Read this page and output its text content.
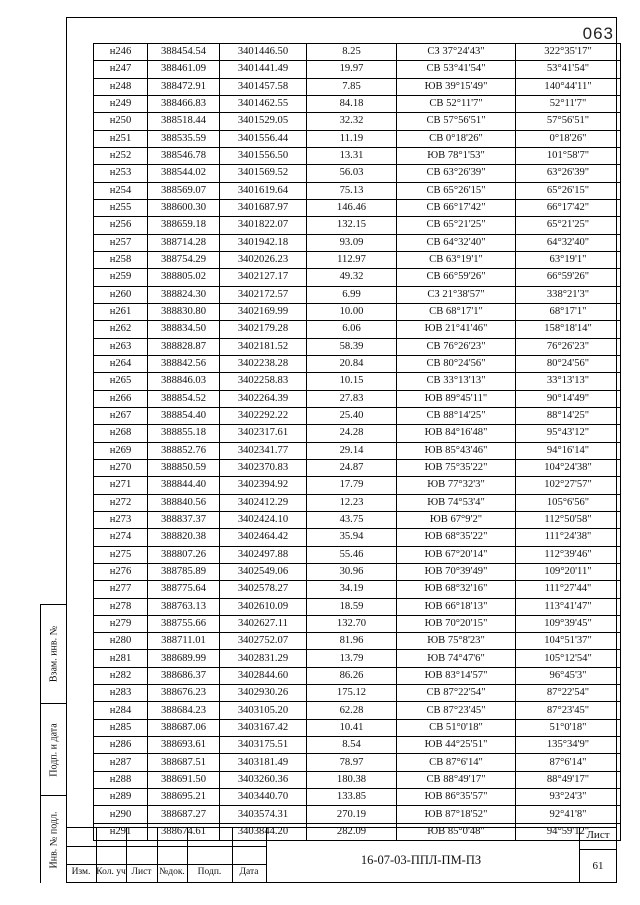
063
н246	388454.54	3401446.50	8.25	СЗ 37°24'43"	322°35'17"
н247	388461.09	3401441.49	19.97	СВ 53°41'54"	53°41'54"
н248	388472.91	3401457.58	7.85	ЮВ 39°15'49"	140°44'11"
н249	388466.83	3401462.55	84.18	СВ 52°11'7"	52°11'7"
н250	388518.44	3401529.05	32.32	СВ 57°56'51"	57°56'51"
н251	388535.59	3401556.44	11.19	СВ 0°18'26"	0°18'26"
н252	388546.78	3401556.50	13.31	ЮВ 78°1'53"	101°58'7"
н253	388544.02	3401569.52	56.03	СВ 63°26'39"	63°26'39"
н254	388569.07	3401619.64	75.13	СВ 65°26'15"	65°26'15"
н255	388600.30	3401687.97	146.46	СВ 66°17'42"	66°17'42"
н256	388659.18	3401822.07	132.15	СВ 65°21'25"	65°21'25"
н257	388714.28	3401942.18	93.09	СВ 64°32'40"	64°32'40"
н258	388754.29	3402026.23	112.97	СВ 63°19'1"	63°19'1"
н259	388805.02	3402127.17	49.32	СВ 66°59'26"	66°59'26"
н260	388824.30	3402172.57	6.99	СЗ 21°38'57"	338°21'3"
н261	388830.80	3402169.99	10.00	СВ 68°17'1"	68°17'1"
н262	388834.50	3402179.28	6.06	ЮВ 21°41'46"	158°18'14"
н263	388828.87	3402181.52	58.39	СВ 76°26'23"	76°26'23"
н264	388842.56	3402238.28	20.84	СВ 80°24'56"	80°24'56"
н265	388846.03	3402258.83	10.15	СВ 33°13'13"	33°13'13"
н266	388854.52	3402264.39	27.83	ЮВ 89°45'11"	90°14'49"
н267	388854.40	3402292.22	25.40	СВ 88°14'25"	88°14'25"
н268	388855.18	3402317.61	24.28	ЮВ 84°16'48"	95°43'12"
н269	388852.76	3402341.77	29.14	ЮВ 85°43'46"	94°16'14"
н270	388850.59	3402370.83	24.87	ЮВ 75°35'22"	104°24'38"
н271	388844.40	3402394.92	17.79	ЮВ 77°32'3"	102°27'57"
н272	388840.56	3402412.29	12.23	ЮВ 74°53'4"	105°6'56"
н273	388837.37	3402424.10	43.75	ЮВ 67°9'2"	112°50'58"
н274	388820.38	3402464.42	35.94	ЮВ 68°35'22"	111°24'38"
н275	388807.26	3402497.88	55.46	ЮВ 67°20'14"	112°39'46"
н276	388785.89	3402549.06	30.96	ЮВ 70°39'49"	109°20'11"
н277	388775.64	3402578.27	34.19	ЮВ 68°32'16"	111°27'44"
н278	388763.13	3402610.09	18.59	ЮВ 66°18'13"	113°41'47"
н279	388755.66	3402627.11	132.70	ЮВ 70°20'15"	109°39'45"
н280	388711.01	3402752.07	81.96	ЮВ 75°8'23"	104°51'37"
н281	388689.99	3402831.29	13.79	ЮВ 74°47'6"	105°12'54"
н282	388686.37	3402844.60	86.26	ЮВ 83°14'57"	96°45'3"
н283	388676.23	3402930.26	175.12	СВ 87°22'54"	87°22'54"
н284	388684.23	3403105.20	62.28	СВ 87°23'45"	87°23'45"
н285	388687.06	3403167.42	10.41	СВ 51°0'18"	51°0'18"
н286	388693.61	3403175.51	8.54	ЮВ 44°25'51"	135°34'9"
н287	388687.51	3403181.49	78.97	СВ 87°6'14"	87°6'14"
н288	388691.50	3403260.36	180.38	СВ 88°49'17"	88°49'17"
н289	388695.21	3403440.70	133.85	ЮВ 86°35'57"	93°24'3"
н290	388687.27	3403574.31	270.19	ЮВ 87°18'52"	92°41'8"
н291	388674.61	3403844.20	282.09	ЮВ 85°0'48"	94°59'12"
Взам. инв. №
Подп. и дата
Инв. № подл.
Изм. Кол. уч Лист №док.	Подп.	Дата
16-07-03-ППЛ-ПМ-ПЗ
Лист
61
